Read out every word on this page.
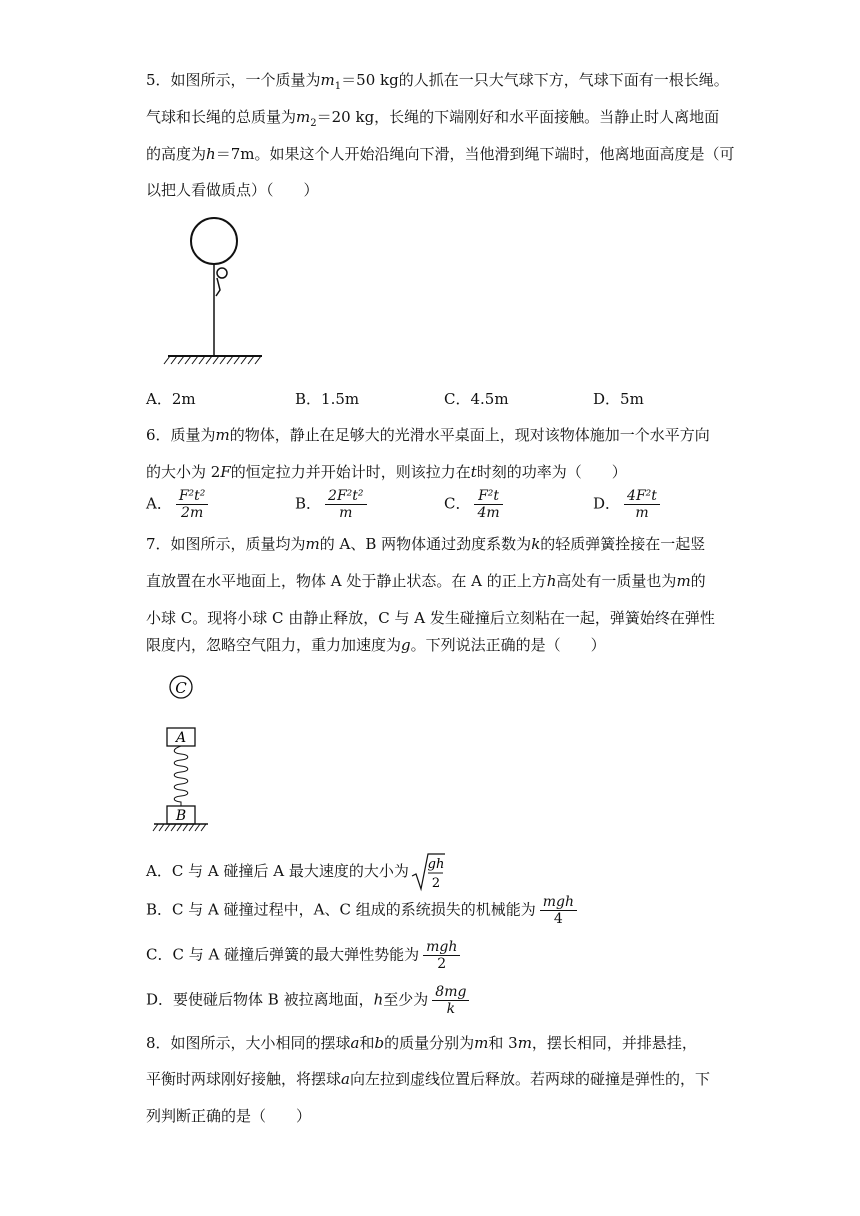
5．如图所示，一个质量为$m_1=50$ kg的人抓在一只大气球下方，气球下面有一根长绳。
气球和长绳的总质量为$m_2=20$ kg，长绳的下端刚好和水平面接触。当静止时人离地面
的高度为h＝7m。如果这个人开始沿绳向下滑，当他滑到绳下端时，他离地面高度是（可
以把人看做质点）（　　）
A．2m	B．1.5m	C．4.5m	D．5m
6．质量为m的物体，静止在足够大的光滑水平桌面上，现对该物体施加一个水平方向
的大小为 2F的恒定拉力并开始计时，则该拉力在t时刻的功率为（　　）
A． $\frac{\text{F²t²}}{2m}$	B． $\frac{\text{2F²t²}}{m}$	C． $\frac{\text{F²t}}{4m}$	D． $\frac{\text{4F²t}}{m}$
7．如图所示，质量均为m的 A、B 两物体通过劲度系数为k的轻质弹簧拴接在一起竖
直放置在水平地面上，物体 A 处于静止状态。在 A 的正上方h高处有一质量也为m的
小球 C。现将小球 C 由静止释放，C 与 A 发生碰撞后立刻粘在一起，弹簧始终在弹性
限度内，忽略空气阻力，重力加速度为g。下列说法正确的是（　　）
C
A
B
A．C 与 A 碰撞后 A 最大速度的大小为 gh
2
B．C 与 A 碰撞过程中，A、C 组成的系统损失的机械能为 $\frac{\text{mgh}}{4}$
C．C 与 A 碰撞后弹簧的最大弹性势能为 $\frac{\text{mgh}}{2}$
D．要使碰后物体 B 被拉离地面，h至少为 $\frac{8mg}{k}$
8．如图所示，大小相同的摆球a和b的质量分别为m和 3m，摆长相同，并排悬挂，
平衡时两球刚好接触，将摆球a向左拉到虚线位置后释放。若两球的碰撞是弹性的，下
列判断正确的是（　　）
